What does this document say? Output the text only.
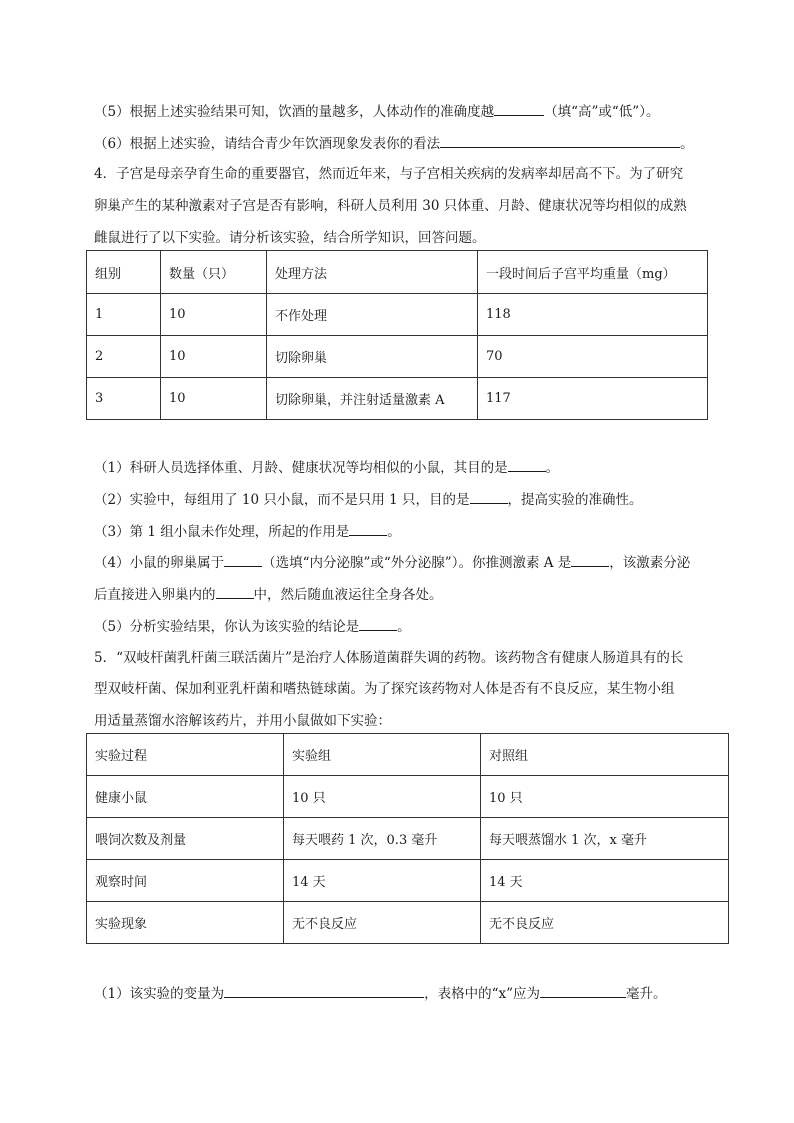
（5）根据上述实验结果可知，饮酒的量越多，人体动作的准确度越	（填“高”或“低”）。
（6）根据上述实验，请结合青少年饮酒现象发表你的看法	。
4．子宫是母亲孕育生命的重要器官，然而近年来，与子宫相关疾病的发病率却居高不下。为了研究
卵巢产生的某种激素对子宫是否有影响，科研人员利用 30 只体重、月龄、健康状况等均相似的成熟
雌鼠进行了以下实验。请分析该实验，结合所学知识，回答问题。
组别	数量（只）	处理方法	一段时间后子宫平均重量（mg）
1	10	不作处理	118
2	10	切除卵巢	70
3	10	切除卵巢，并注射适量激素 A	117
（1）科研人员选择体重、月龄、健康状况等均相似的小鼠，其目的是	。
（2）实验中，每组用了 10 只小鼠，而不是只用 1 只，目的是	，提高实验的准确性。
（3）第 1 组小鼠未作处理，所起的作用是	。
（4）小鼠的卵巢属于	（选填“内分泌腺”或“外分泌腺”）。你推测激素 A 是	，该激素分泌
后直接进入卵巢内的	中，然后随血液运往全身各处。
（5）分析实验结果，你认为该实验的结论是	。
5．“双岐杆菌乳杆菌三联活菌片”是治疗人体肠道菌群失调的药物。该药物含有健康人肠道具有的长
型双岐杆菌、保加利亚乳杆菌和嗜热链球菌。为了探究该药物对人体是否有不良反应，某生物小组
用适量蒸馏水溶解该药片，并用小鼠做如下实验：
实验过程	实验组	对照组
健康小鼠	10 只	10 只
喂饲次数及剂量	每天喂药 1 次，0.3 毫升	每天喂蒸馏水 1 次，x 毫升
观察时间	14 天	14 天
实验现象	无不良反应	无不良反应
（1）该实验的变量为	，表格中的“x”应为	毫升。
